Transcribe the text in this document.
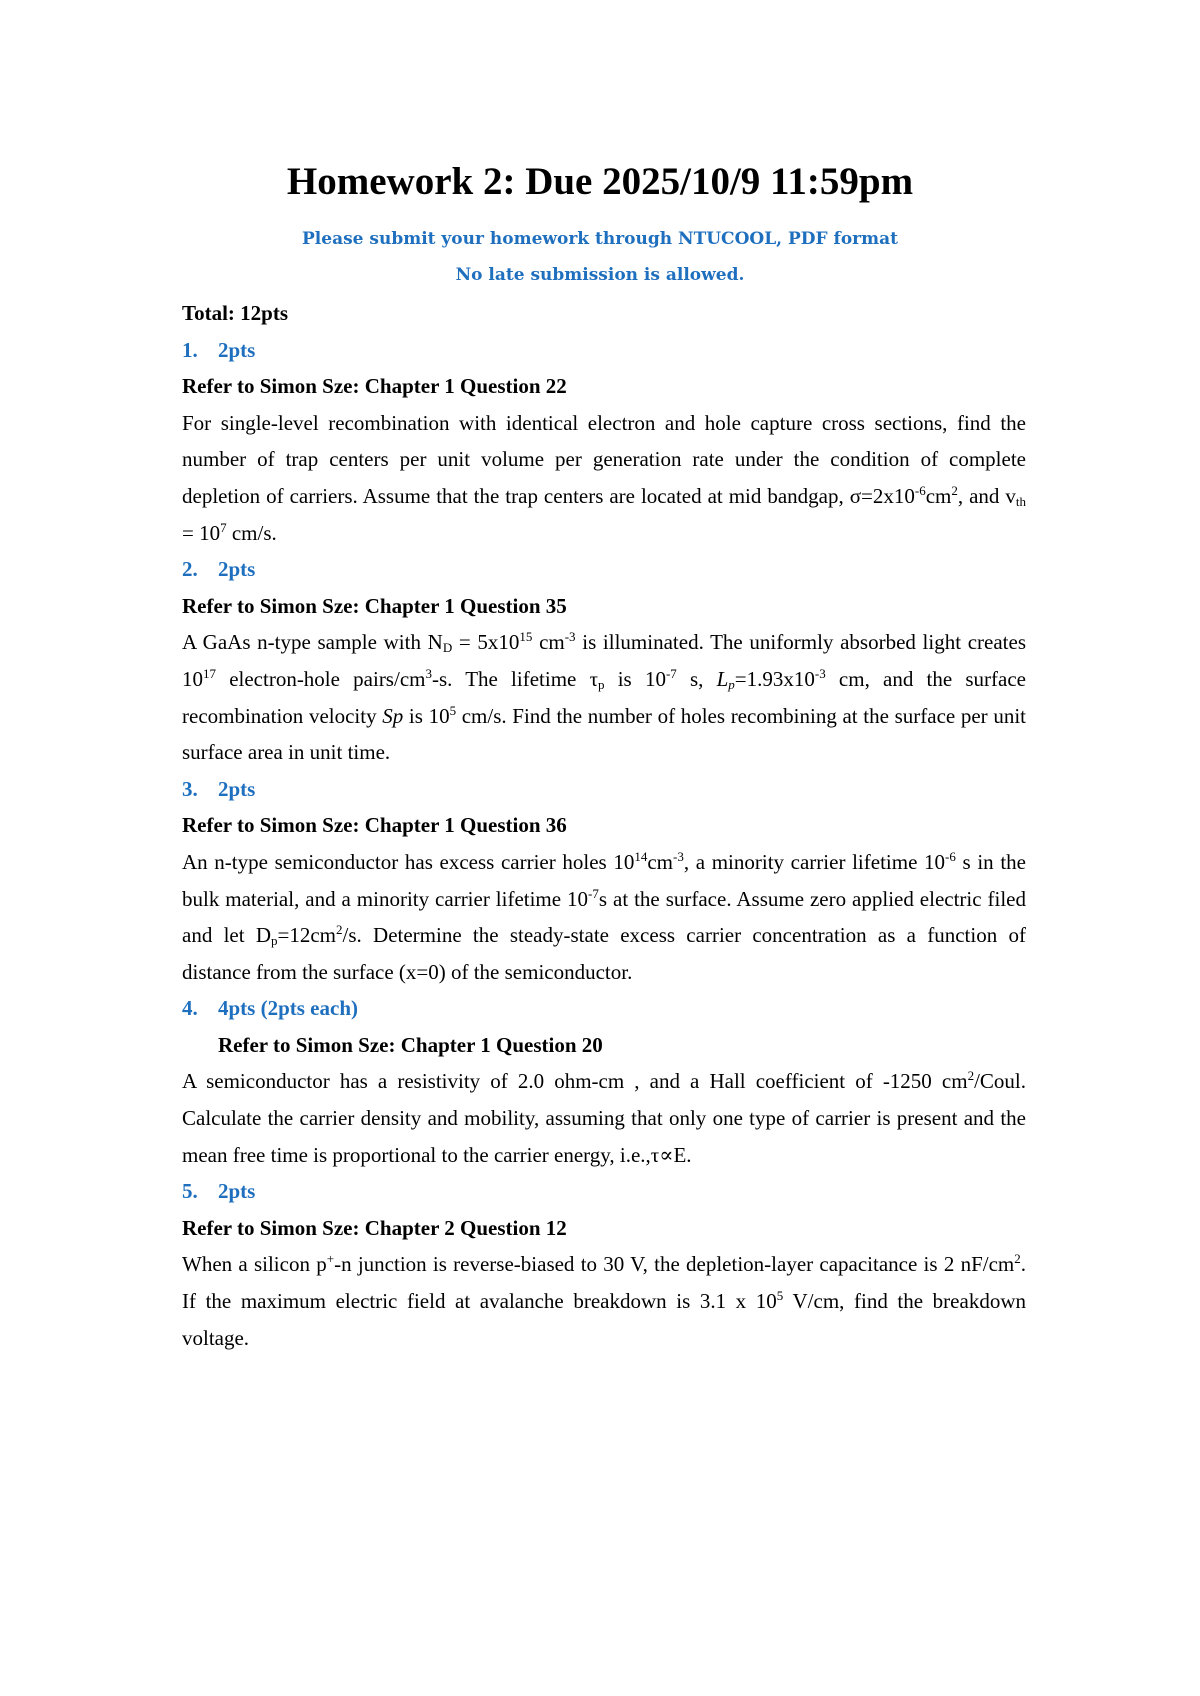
Homework 2: Due 2025/10/9 11:59pm
Please submit your homework through NTUCOOL, PDF format
No late submission is allowed.

Total: 12pts

1. 2pts

Refer to Simon Sze: Chapter 1 Question 22

For single-level recombination with identical electron and hole capture cross sections, find the number of trap centers per unit volume per generation rate under the condition of complete depletion of carriers. Assume that the trap centers are located at mid bandgap, $\sigma=2x10^{-6}cm^2$, and $v_{th} = 10^7$ cm/s.

2. 2pts

Refer to Simon Sze: Chapter 1 Question 35

A GaAs n-type sample with $N_D = 5x10^{15}$ $cm^{-3}$ is illuminated. The uniformly absorbed light creates $10^{17}$ electron-hole pairs/$cm^3-s$. The lifetime $\tau_p$ is $10^{-7}$ s, $L_p=1.93x10^{-3}$ cm, and the surface recombination velocity Sp is $10^5$ cm/s. Find the number of holes recombining at the surface per unit surface area in unit time.

3. 2pts

Refer to Simon Sze: Chapter 1 Question 36

An n-type semiconductor has excess carrier holes $10^{14}cm^{-3}$, a minority carrier lifetime $10^{-6}$ s in the bulk material, and a minority carrier lifetime $10^{-7}s$ at the surface. Assume zero applied electric filed and let $D_p=12cm^2/s$. Determine the steady-state excess carrier concentration as a function of distance from the surface (x=0) of the semiconductor.

4. 4pts (2pts each)

Refer to Simon Sze: Chapter 1 Question 20

A semiconductor has a resistivity of 2.0 ohm-cm , and a Hall coefficient of -1250 $cm^2$/Coul. Calculate the carrier density and mobility, assuming that only one type of carrier is present and the mean free time is proportional to the carrier energy, i.e.,τ∝E.

5. 2pts

Refer to Simon Sze: Chapter 2 Question 12

When a silicon p+-n junction is reverse-biased to 30 V, the depletion-layer capacitance is 2 $nF/cm^2$. If the maximum electric field at avalanche breakdown is 3.1 x $10^5$ V/cm, find the breakdown voltage.
